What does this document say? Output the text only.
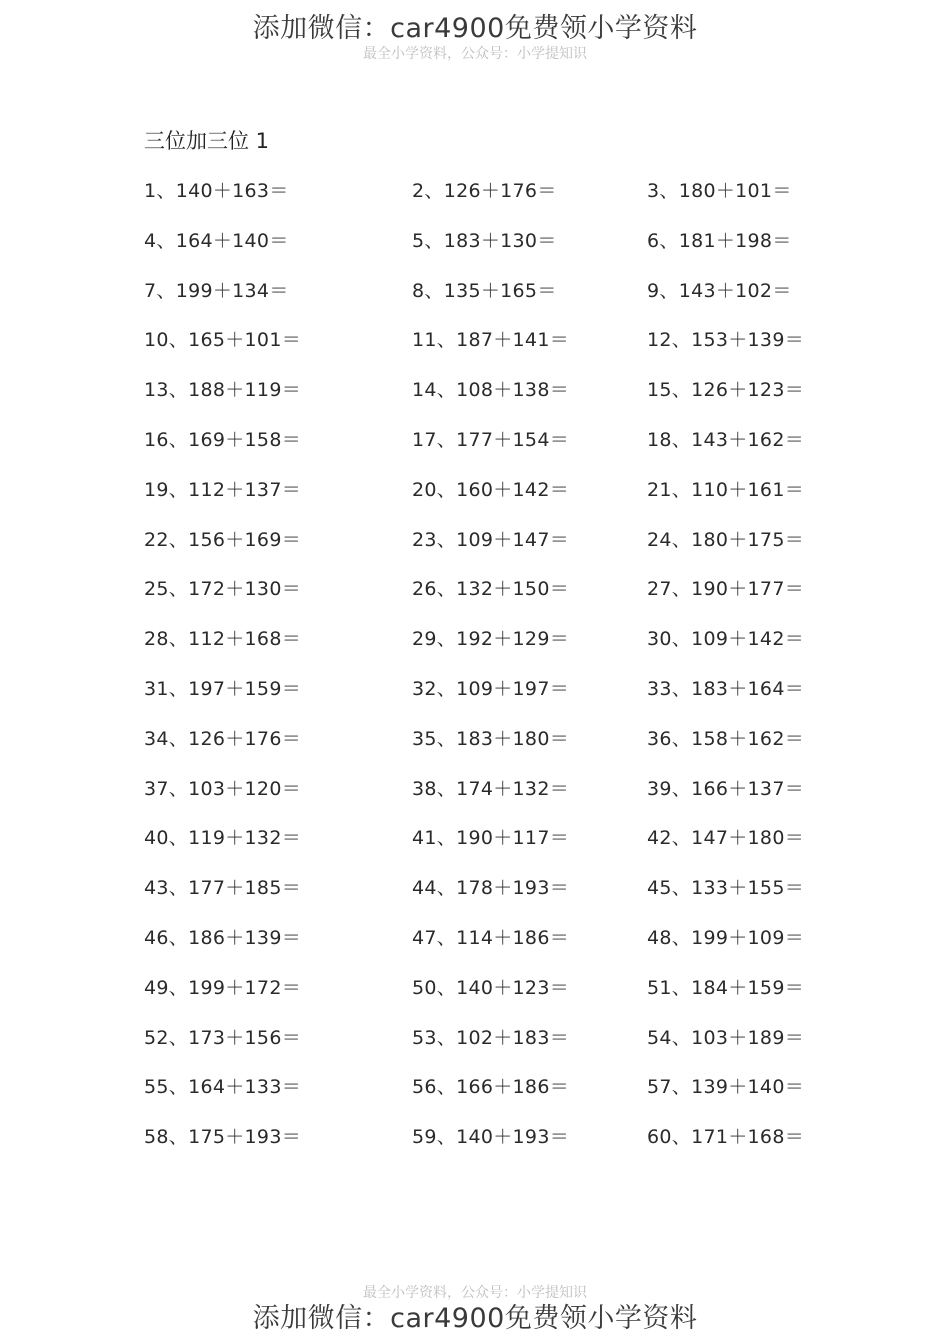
添加微信：car4900免费领小学资料
最全小学资料，公众号：小学提知识
三位加三位 1
1、140＋163＝	2、126＋176＝	3、180＋101＝
4、164＋140＝	5、183＋130＝	6、181＋198＝
7、199＋134＝	8、135＋165＝	9、143＋102＝
10、165＋101＝	11、187＋141＝	12、153＋139＝
13、188＋119＝	14、108＋138＝	15、126＋123＝
16、169＋158＝	17、177＋154＝	18、143＋162＝
19、112＋137＝	20、160＋142＝	21、110＋161＝
22、156＋169＝	23、109＋147＝	24、180＋175＝
25、172＋130＝	26、132＋150＝	27、190＋177＝
28、112＋168＝	29、192＋129＝	30、109＋142＝
31、197＋159＝	32、109＋197＝	33、183＋164＝
34、126＋176＝	35、183＋180＝	36、158＋162＝
37、103＋120＝	38、174＋132＝	39、166＋137＝
40、119＋132＝	41、190＋117＝	42、147＋180＝
43、177＋185＝	44、178＋193＝	45、133＋155＝
46、186＋139＝	47、114＋186＝	48、199＋109＝
49、199＋172＝	50、140＋123＝	51、184＋159＝
52、173＋156＝	53、102＋183＝	54、103＋189＝
55、164＋133＝	56、166＋186＝	57、139＋140＝
58、175＋193＝	59、140＋193＝	60、171＋168＝
最全小学资料，公众号：小学提知识
添加微信：car4900免费领小学资料
